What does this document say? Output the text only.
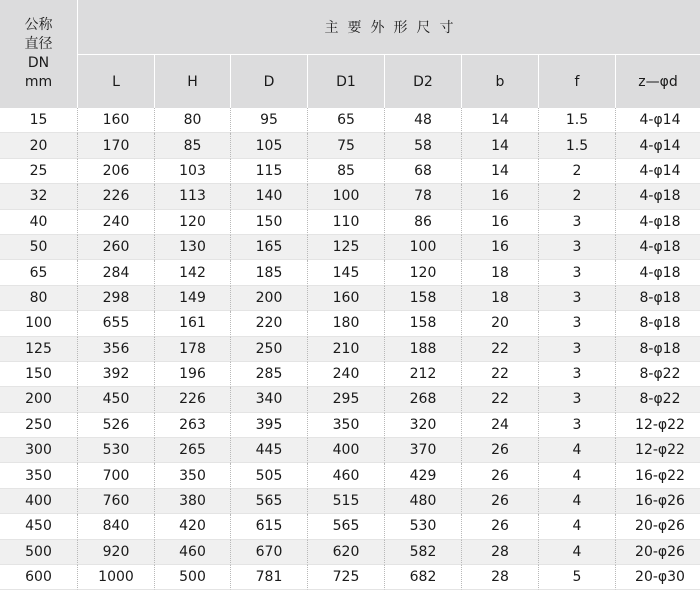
公称
直径
DN
mm
主要外形尺寸
L	H	D	D1	D2	b	f	z—φd
15	160	80	95	65	48	14	1.5	4-φ14
20	170	85	105	75	58	14	1.5	4-φ14
25	206	103	115	85	68	14	2	4-φ14
32	226	113	140	100	78	16	2	4-φ18
40	240	120	150	110	86	16	3	4-φ18
50	260	130	165	125	100	16	3	4-φ18
65	284	142	185	145	120	18	3	4-φ18
80	298	149	200	160	158	18	3	8-φ18
100	655	161	220	180	158	20	3	8-φ18
125	356	178	250	210	188	22	3	8-φ18
150	392	196	285	240	212	22	3	8-φ22
200	450	226	340	295	268	22	3	8-φ22
250	526	263	395	350	320	24	3	12-φ22
300	530	265	445	400	370	26	4	12-φ22
350	700	350	505	460	429	26	4	16-φ22
400	760	380	565	515	480	26	4	16-φ26
450	840	420	615	565	530	26	4	20-φ26
500	920	460	670	620	582	28	4	20-φ26
600	1000	500	781	725	682	28	5	20-φ30
